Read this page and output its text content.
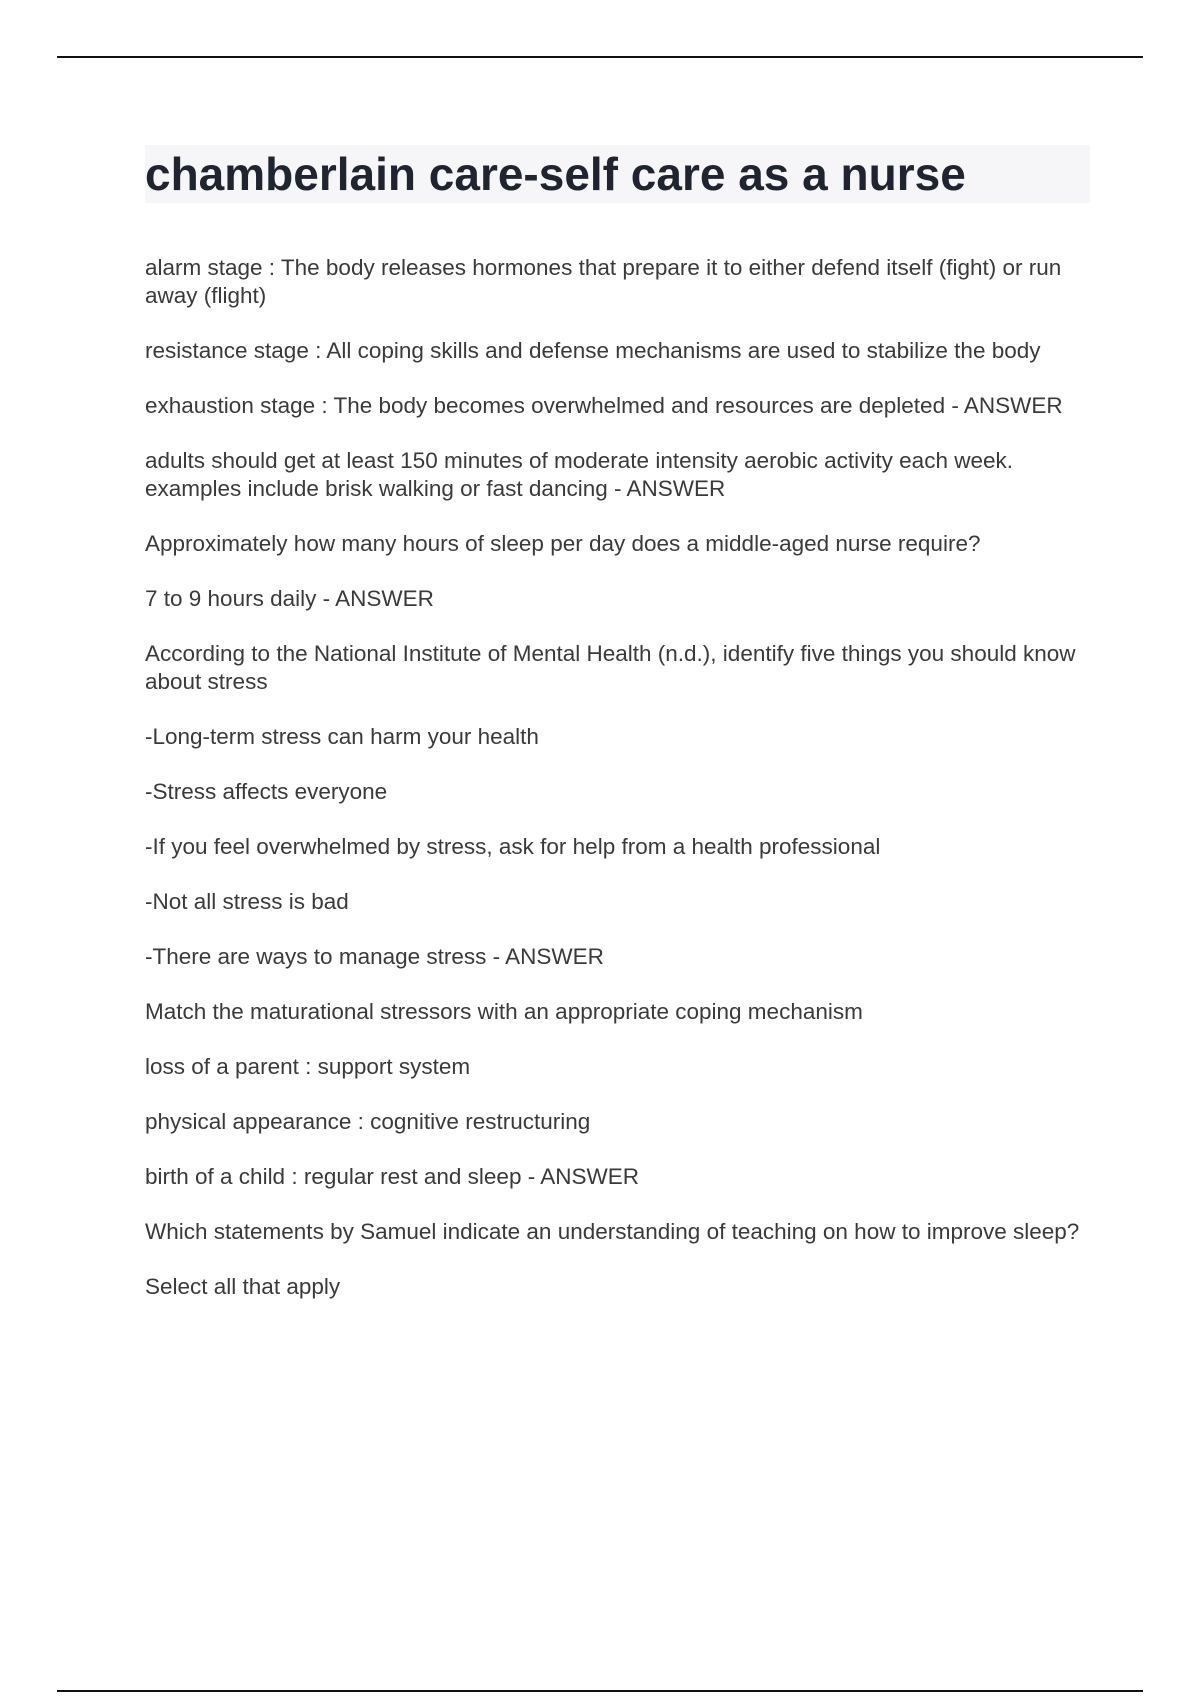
chamberlain care-self care as a nurse

alarm stage : The body releases hormones that prepare it to either defend itself (fight) or run away (flight)

resistance stage : All coping skills and defense mechanisms are used to stabilize the body

exhaustion stage : The body becomes overwhelmed and resources are depleted - ANSWER

adults should get at least 150 minutes of moderate intensity aerobic activity each week. examples include brisk walking or fast dancing - ANSWER

Approximately how many hours of sleep per day does a middle-aged nurse require?

7 to 9 hours daily - ANSWER

According to the National Institute of Mental Health (n.d.), identify five things you should know about stress

-Long-term stress can harm your health

-Stress affects everyone

-If you feel overwhelmed by stress, ask for help from a health professional

-Not all stress is bad

-There are ways to manage stress - ANSWER

Match the maturational stressors with an appropriate coping mechanism

loss of a parent : support system

physical appearance : cognitive restructuring

birth of a child : regular rest and sleep - ANSWER

Which statements by Samuel indicate an understanding of teaching on how to improve sleep?

Select all that apply
